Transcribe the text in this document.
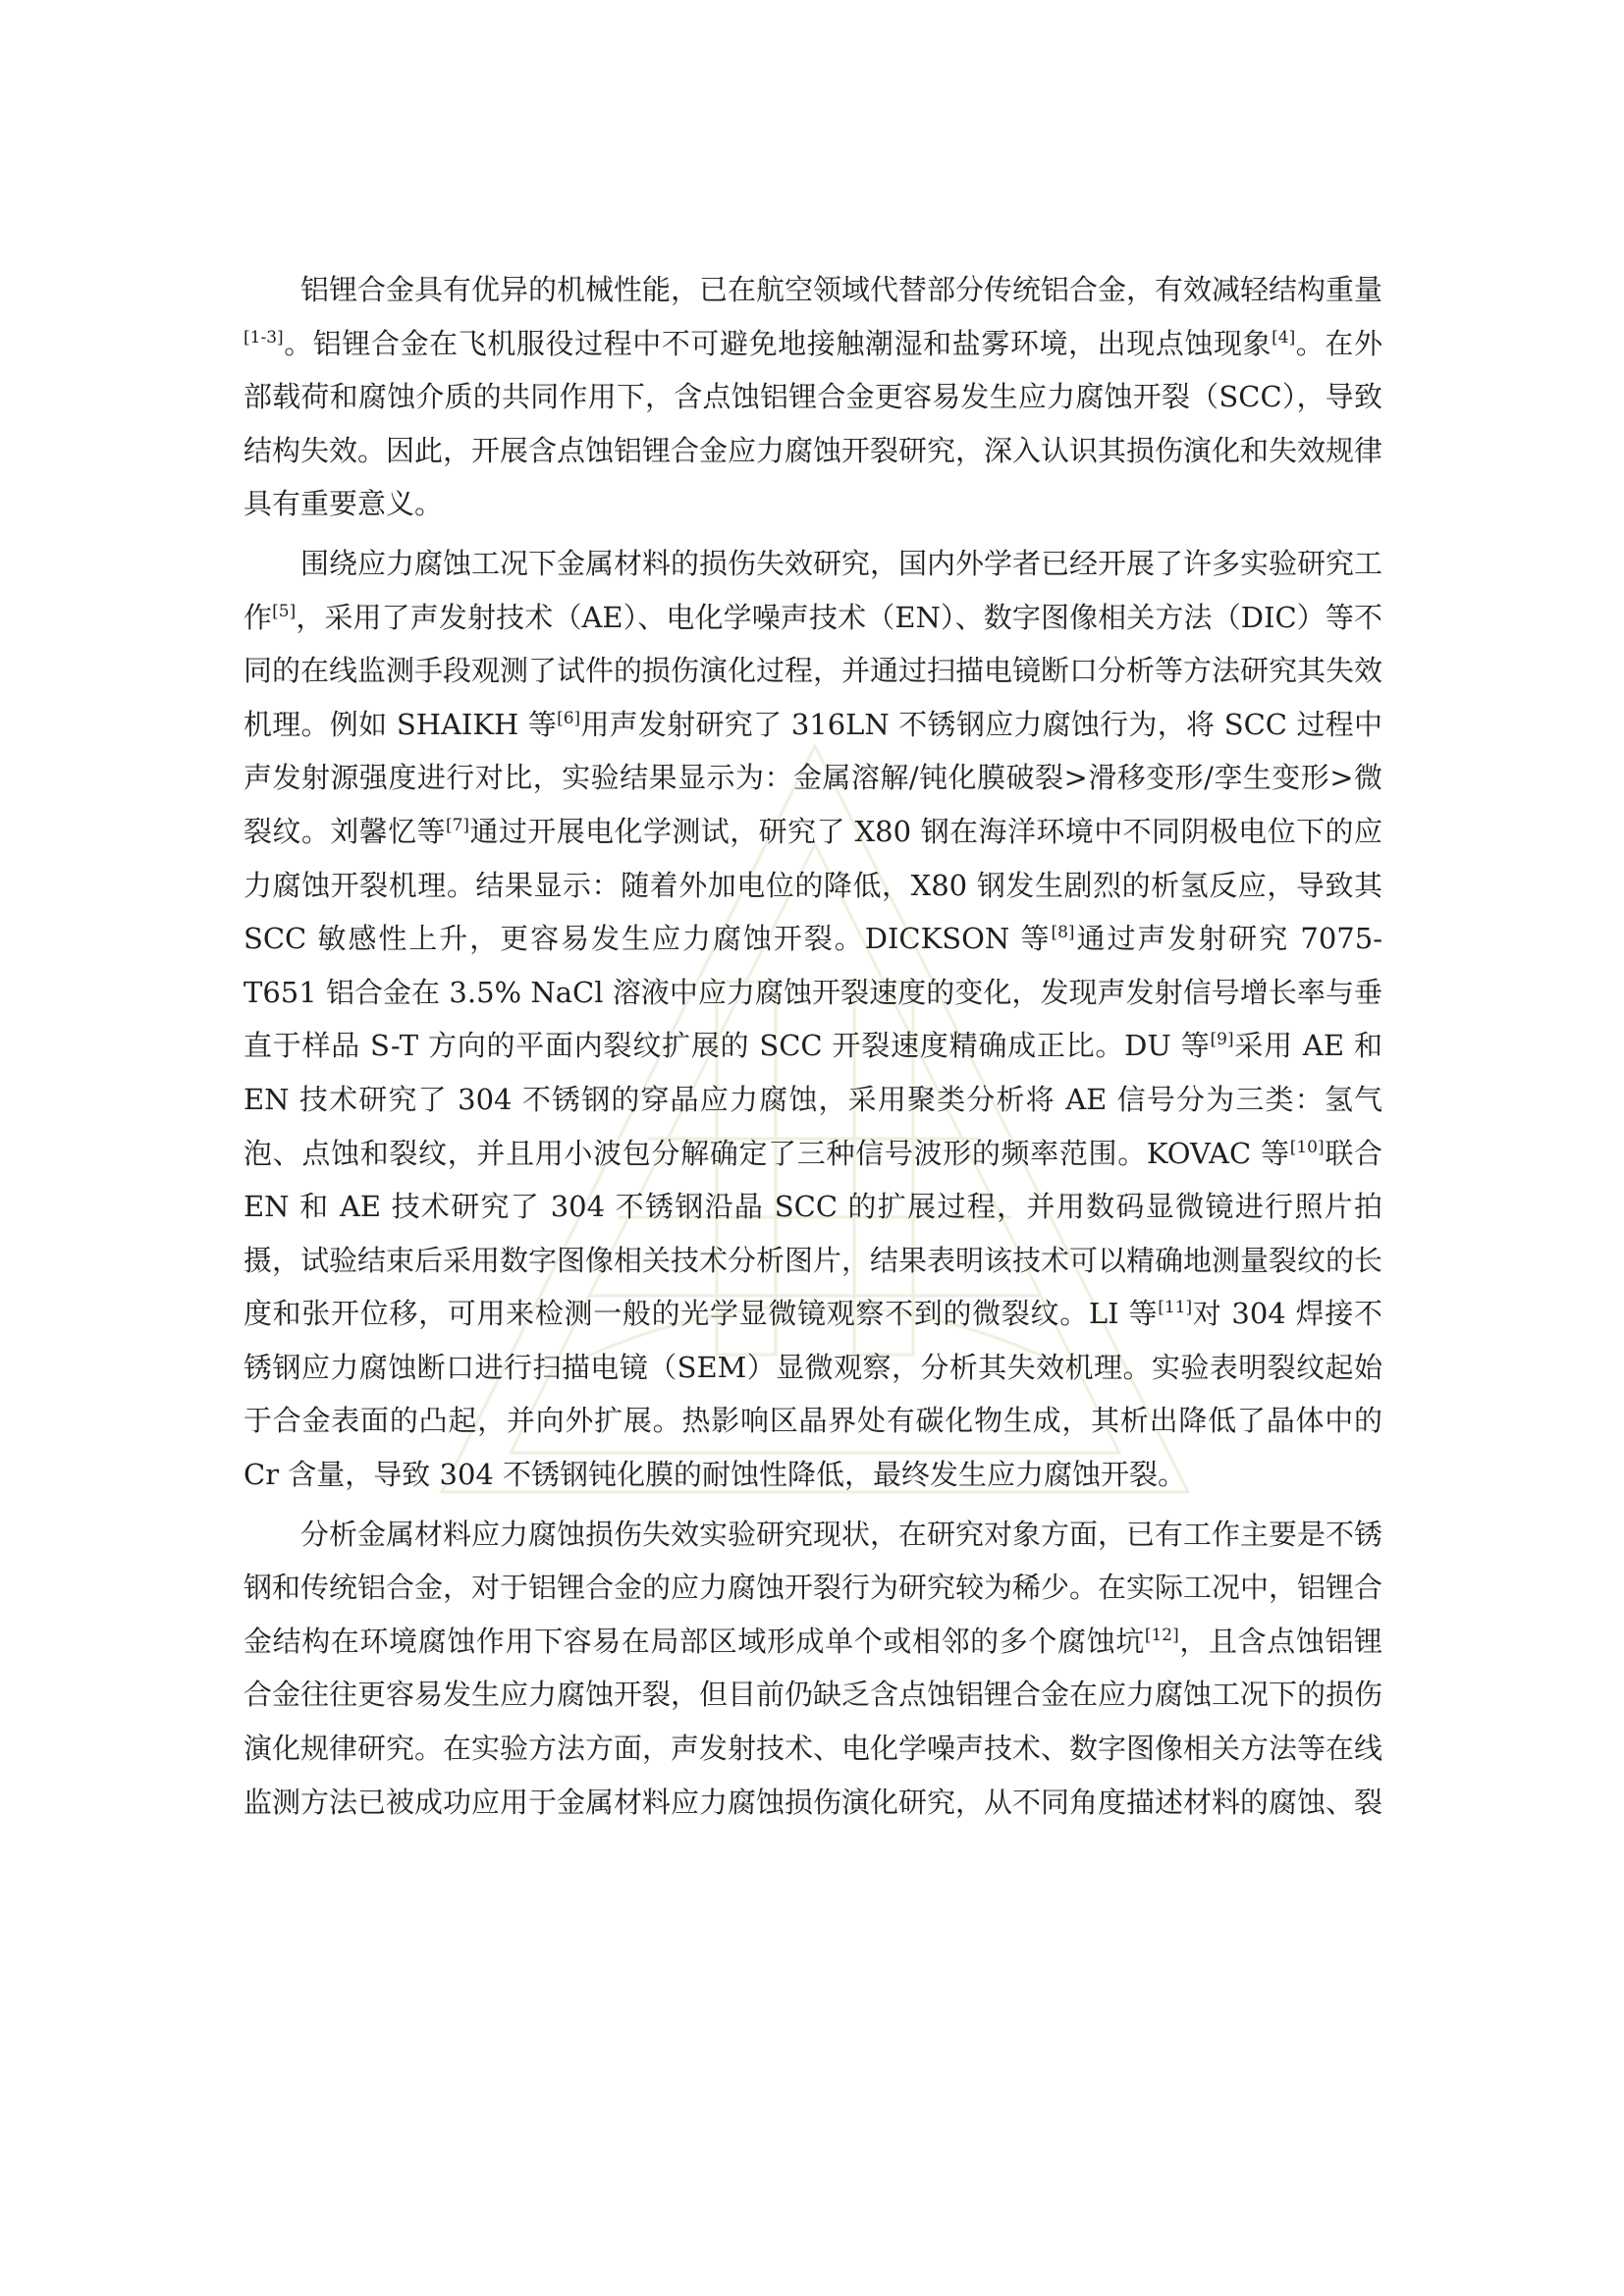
铝锂合金具有优异的机械性能，已在航空领域代替部分传统铝合金，有效减轻结构重量[1-3]。铝锂合金在飞机服役过程中不可避免地接触潮湿和盐雾环境，出现点蚀现象[4]。在外部载荷和腐蚀介质的共同作用下，含点蚀铝锂合金更容易发生应力腐蚀开裂（SCC），导致结构失效。因此，开展含点蚀铝锂合金应力腐蚀开裂研究，深入认识其损伤演化和失效规律具有重要意义。

围绕应力腐蚀工况下金属材料的损伤失效研究，国内外学者已经开展了许多实验研究工作[5]，采用了声发射技术（AE）、电化学噪声技术（EN）、数字图像相关方法（DIC）等不同的在线监测手段观测了试件的损伤演化过程，并通过扫描电镜断口分析等方法研究其失效机理。例如 SHAIKH 等[6]用声发射研究了 316LN 不锈钢应力腐蚀行为，将 SCC 过程中声发射源强度进行对比，实验结果显示为：金属溶解/钝化膜破裂>滑移变形/孪生变形>微裂纹。刘馨忆等[7]通过开展电化学测试，研究了 X80 钢在海洋环境中不同阴极电位下的应力腐蚀开裂机理。结果显示：随着外加电位的降低，X80 钢发生剧烈的析氢反应，导致其 SCC 敏感性上升，更容易发生应力腐蚀开裂。DICKSON 等[8]通过声发射研究 7075-T651 铝合金在 3.5% NaCl 溶液中应力腐蚀开裂速度的变化，发现声发射信号增长率与垂直于样品 S-T 方向的平面内裂纹扩展的 SCC 开裂速度精确成正比。DU 等[9]采用 AE 和 EN 技术研究了 304 不锈钢的穿晶应力腐蚀，采用聚类分析将 AE 信号分为三类：氢气泡、点蚀和裂纹，并且用小波包分解确定了三种信号波形的频率范围。KOVAC 等[10]联合 EN 和 AE 技术研究了 304 不锈钢沿晶 SCC 的扩展过程，并用数码显微镜进行照片拍摄，试验结束后采用数字图像相关技术分析图片，结果表明该技术可以精确地测量裂纹的长度和张开位移，可用来检测一般的光学显微镜观察不到的微裂纹。LI 等[11]对 304 焊接不锈钢应力腐蚀断口进行扫描电镜（SEM）显微观察，分析其失效机理。实验表明裂纹起始于合金表面的凸起，并向外扩展。热影响区晶界处有碳化物生成，其析出降低了晶体中的 Cr 含量，导致 304 不锈钢钝化膜的耐蚀性降低，最终发生应力腐蚀开裂。

分析金属材料应力腐蚀损伤失效实验研究现状，在研究对象方面，已有工作主要是不锈钢和传统铝合金，对于铝锂合金的应力腐蚀开裂行为研究较为稀少。在实际工况中，铝锂合金结构在环境腐蚀作用下容易在局部区域形成单个或相邻的多个腐蚀坑[12]，且含点蚀铝锂合金往往更容易发生应力腐蚀开裂，但目前仍缺乏含点蚀铝锂合金在应力腐蚀工况下的损伤演化规律研究。在实验方法方面，声发射技术、电化学噪声技术、数字图像相关方法等在线监测方法已被成功应用于金属材料应力腐蚀损伤演化研究，从不同角度描述材料的腐蚀、裂
